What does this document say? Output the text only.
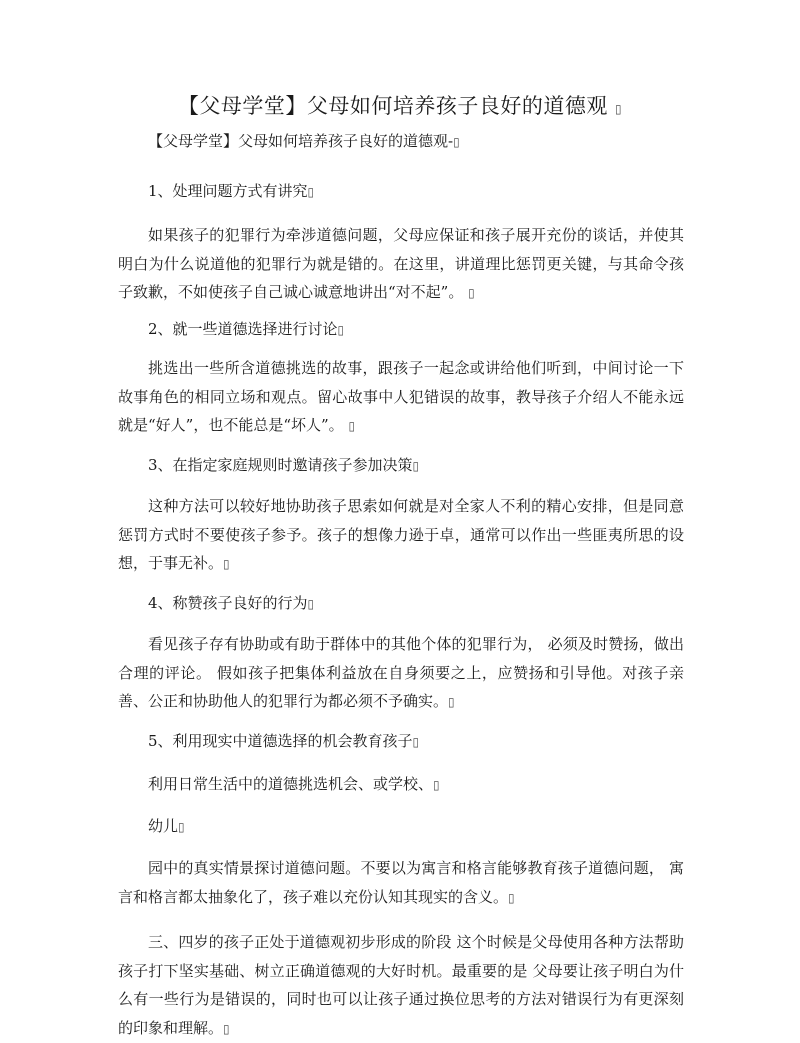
【父母学堂】父母如何培养孩子良好的道德观 ▯
【父母学堂】父母如何培养孩子良好的道德观-▯
1、处理问题方式有讲究▯
如果孩子的犯罪行为牵涉道德问题，父母应保证和孩子展开充份的谈话，并使其明白为什么说道他的犯罪行为就是错的。在这里，讲道理比惩罚更关键，与其命令孩子致歉，不如使孩子自己诚心诚意地讲出“对不起”。 ▯
2、就一些道德选择进行讨论▯
挑选出一些所含道德挑选的故事，跟孩子一起念或讲给他们听到，中间讨论一下故事角色的相同立场和观点。留心故事中人犯错误的故事，教导孩子介绍人不能永远就是“好人”，也不能总是“坏人”。 ▯
3、在指定家庭规则时邀请孩子参加决策▯
这种方法可以较好地协助孩子思索如何就是对全家人不利的精心安排，但是同意惩罚方式时不要使孩子参予。孩子的想像力逊于卓，通常可以作出一些匪夷所思的设想，于事无补。▯
4、称赞孩子良好的行为▯
看见孩子存有协助或有助于群体中的其他个体的犯罪行为， 必须及时赞扬，做出合理的评论。 假如孩子把集体利益放在自身须要之上，应赞扬和引导他。对孩子亲善、公正和协助他人的犯罪行为都必须不予确实。▯
5、利用现实中道德选择的机会教育孩子▯
利用日常生活中的道德挑选机会、或学校、▯
幼儿▯
园中的真实情景探讨道德问题。不要以为寓言和格言能够教育孩子道德问题， 寓言和格言都太抽象化了，孩子难以充份认知其现实的含义。▯
三、四岁的孩子正处于道德观初步形成的阶段 这个时候是父母使用各种方法帮助孩子打下坚实基础、树立正确道德观的大好时机。最重要的是 父母要让孩子明白为什么有一些行为是错误的，同时也可以让孩子通过换位思考的方法对错误行为有更深刻的印象和理解。▯
